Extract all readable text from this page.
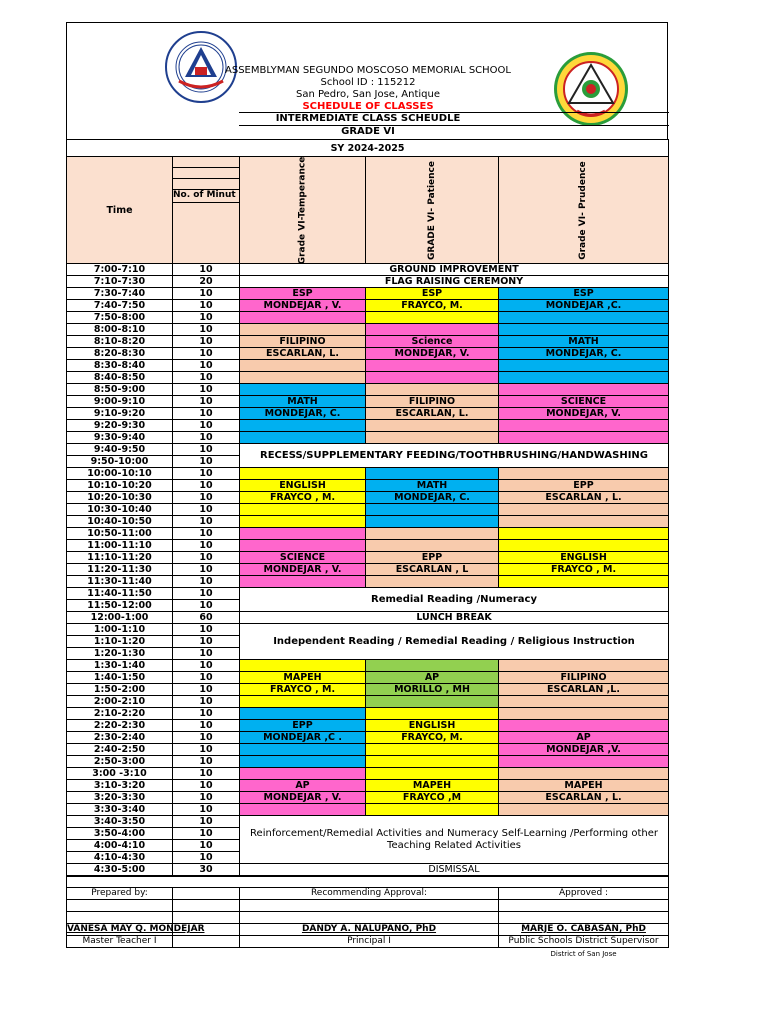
ASSEMBLYMAN SEGUNDO MOSCOSO MEMORIAL SCHOOL
School ID : 115212
San Pedro, San Jose, Antique
SCHEDULE OF CLASSES
INTERMEDIATE CLASS SCHEUDLE
GRADE VI
SY 2024-2025				
Time	No. of Minut	Grade VI-Temperance	GRADE VI- Patience	Grade VI- Prudence
7:00-7:10	10	GROUND IMPROVEMENT		
7:10-7:30	20	FLAG RAISING CEREMONY		
7:30-7:40	10	ESP	ESP	ESP
7:40-7:50	10	MONDEJAR , V.	FRAYCO, M.	MONDEJAR ,C.
7:50-8:00	10			
8:00-8:10	10			
8:10-8:20	10	FILIPINO	Science	MATH
8:20-8:30	10	ESCARLAN, L.	MONDEJAR, V.	MONDEJAR, C.
8:30-8:40	10			
8:40-8:50	10			
8:50-9:00	10			
9:00-9:10	10	MATH	FILIPINO	SCIENCE
9:10-9:20	10	MONDEJAR, C.	ESCARLAN, L.	MONDEJAR, V.
9:20-9:30	10			
9:30-9:40	10			
9:40-9:50	10	RECESS/SUPPLEMENTARY FEEDING/TOOTHBRUSHING/HANDWASHING		
9:50-10:00	10			
10:00-10:10	10			
10:10-10:20	10	ENGLISH	MATH	EPP
10:20-10:30	10	FRAYCO , M.	MONDEJAR, C.	ESCARLAN , L.
10:30-10:40	10			
10:40-10:50	10			
10:50-11:00	10			
11:00-11:10	10			
11:10-11:20	10	SCIENCE	EPP	ENGLISH
11:20-11:30	10	MONDEJAR , V.	ESCARLAN , L	FRAYCO , M.
11:30-11:40	10			
11:40-11:50	10	Remedial Reading /Numeracy		
11:50-12:00	10			
12:00-1:00	60	LUNCH BREAK		
1:00-1:10	10	Independent Reading / Remedial Reading / Religious Instruction		
1:10-1:20	10			
1:20-1:30	10			
1:30-1:40	10			
1:40-1:50	10	MAPEH	AP	FILIPINO
1:50-2:00	10	FRAYCO , M.	MORILLO , MH	ESCARLAN ,L.
2:00-2:10	10			
2:10-2:20	10			
2:20-2:30	10	EPP	ENGLISH	
2:30-2:40	10	MONDEJAR ,C .	FRAYCO, M.	AP
2:40-2:50	10			MONDEJAR ,V.
2:50-3:00	10			
3:00 -3:10	10			
3:10-3:20	10	AP	MAPEH	MAPEH
3:20-3:30	10	MONDEJAR , V.	FRAYCO ,M	ESCARLAN , L.
3:30-3:40	10			
3:40-3:50	10	Reinforcement/Remedial Activities and Numeracy Self-Learning /Performing other Teaching Related Activities		
3:50-4:00	10			
4:00-4:10	10			
4:10-4:30	10			
4:30-5:00	30	DISMISSAL		

Prepared by:		Recommending Approval:	Approved :

VANESA MAY Q. MONDEJAR		DANDY A. NALUPANO, PhD	MARJE O. CABASAN, PhD
Master Teacher I		Principal I	Public Schools District Supervisor
			District of San Jose
